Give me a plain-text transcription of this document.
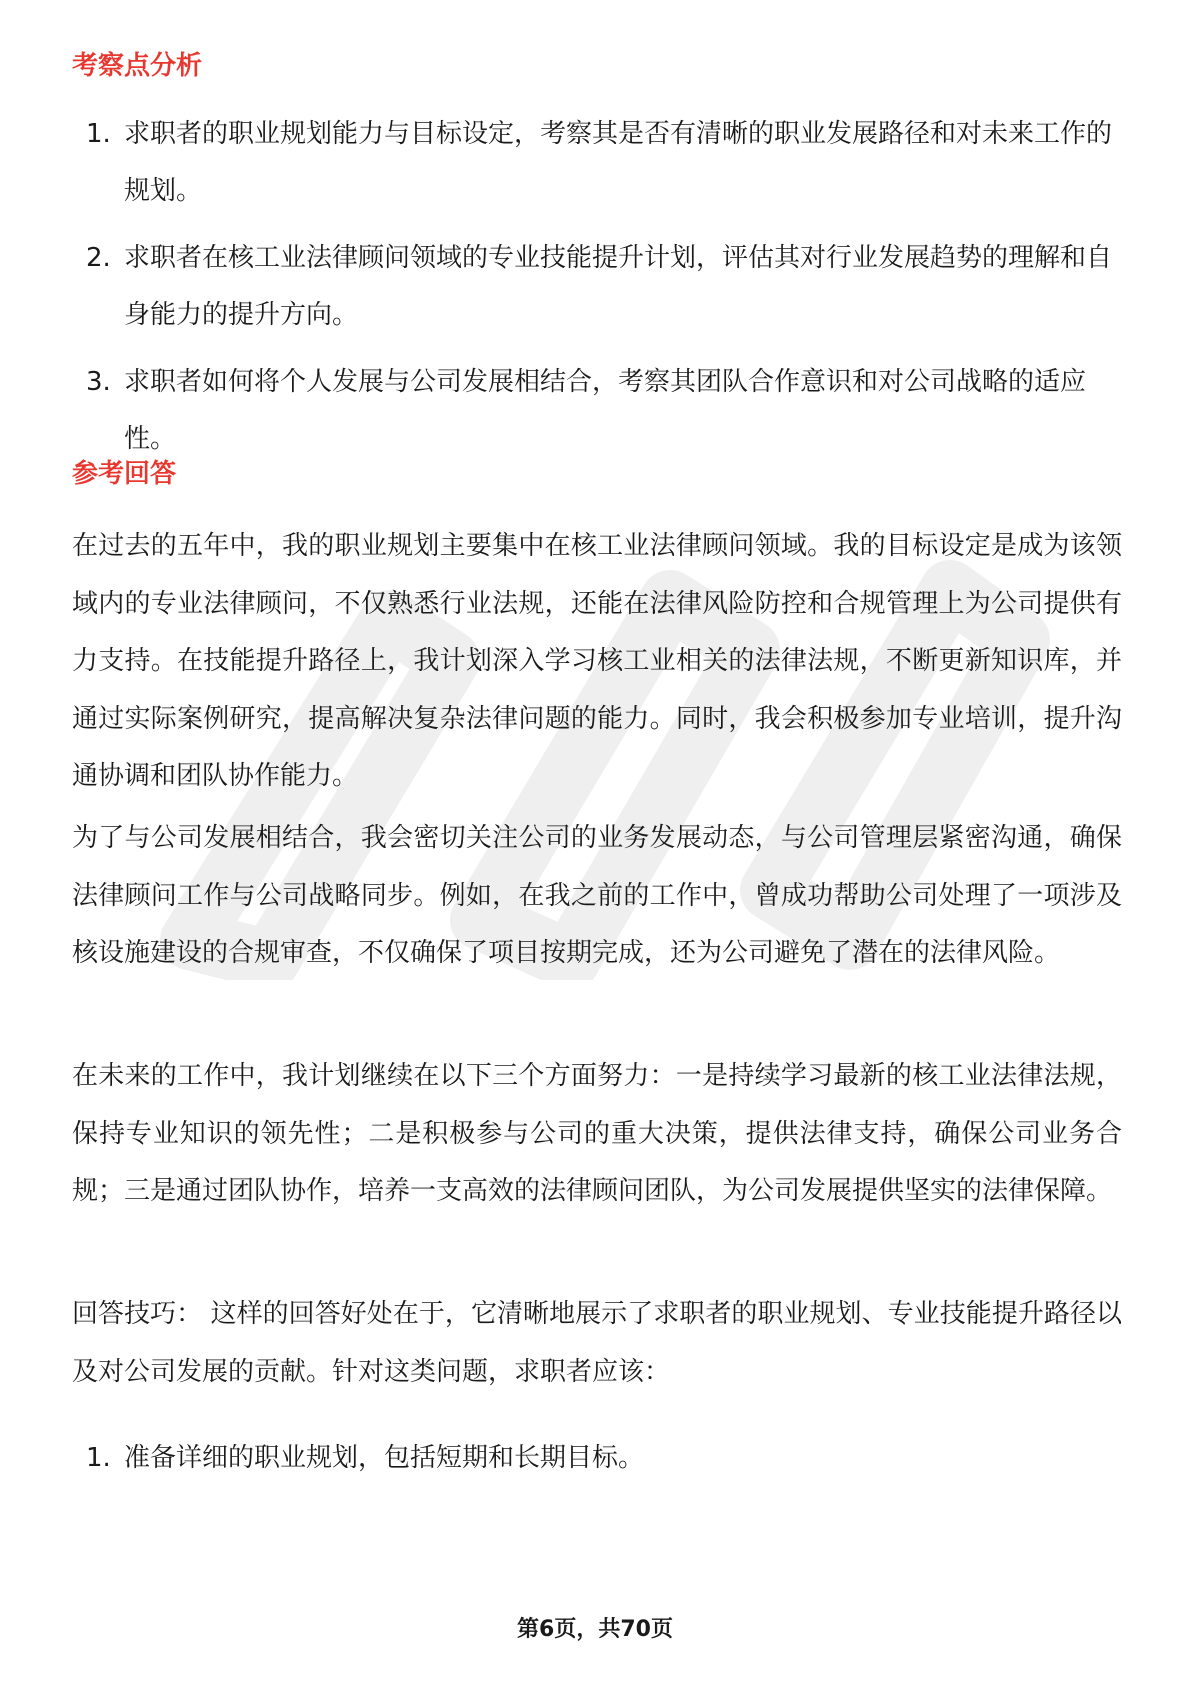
考察点分析
1. 求职者的职业规划能力与目标设定，考察其是否有清晰的职业发展路径和对未来工作的规划。
2. 求职者在核工业法律顾问领域的专业技能提升计划，评估其对行业发展趋势的理解和自身能力的提升方向。
3. 求职者如何将个人发展与公司发展相结合，考察其团队合作意识和对公司战略的适应性。
参考回答

在过去的五年中，我的职业规划主要集中在核工业法律顾问领域。我的目标设定是成为该领域内的专业法律顾问，不仅熟悉行业法规，还能在法律风险防控和合规管理上为公司提供有力支持。在技能提升路径上，我计划深入学习核工业相关的法律法规，不断更新知识库，并通过实际案例研究，提高解决复杂法律问题的能力。同时，我会积极参加专业培训，提升沟通协调和团队协作能力。

为了与公司发展相结合，我会密切关注公司的业务发展动态，与公司管理层紧密沟通，确保法律顾问工作与公司战略同步。例如，在我之前的工作中，曾成功帮助公司处理了一项涉及核设施建设的合规审查，不仅确保了项目按期完成，还为公司避免了潜在的法律风险。

在未来的工作中，我计划继续在以下三个方面努力：一是持续学习最新的核工业法律法规，保持专业知识的领先性；二是积极参与公司的重大决策，提供法律支持，确保公司业务合规；三是通过团队协作，培养一支高效的法律顾问团队，为公司发展提供坚实的法律保障。

回答技巧： 这样的回答好处在于，它清晰地展示了求职者的职业规划、专业技能提升路径以及对公司发展的贡献。针对这类问题，求职者应该：

1. 准备详细的职业规划，包括短期和长期目标。
第6页，共70页
